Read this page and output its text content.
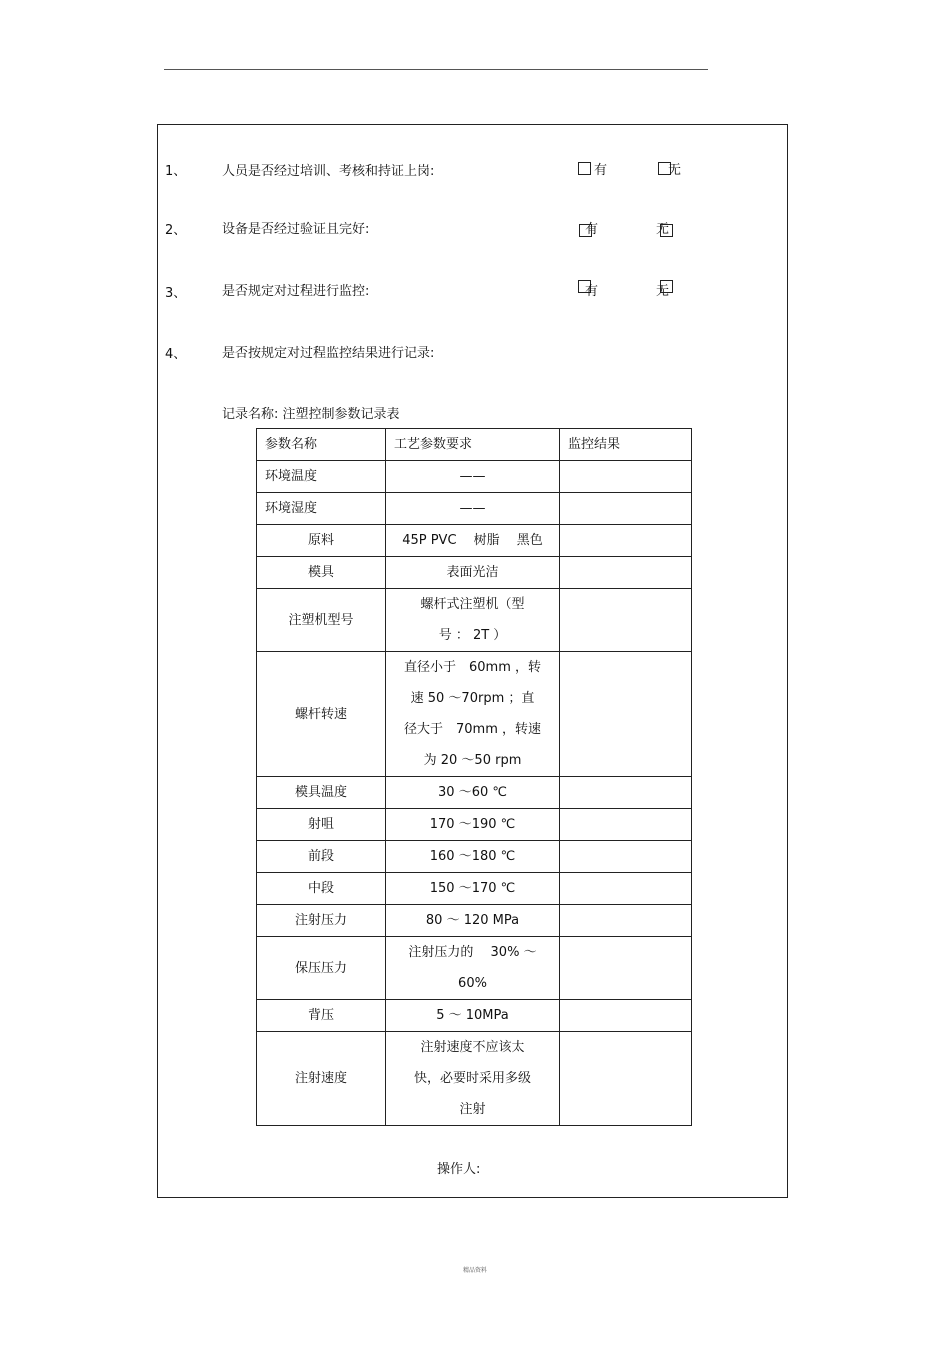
1、	人员是否经过培训、考核和持证上岗:	有	无
2、	设备是否经过验证且完好:	有	无
3、	是否规定对过程进行监控:	有	无
4、	是否按规定对过程监控结果进行记录:
记录名称: 注塑控制参数记录表
参数名称	工艺参数要求	监控结果
环境温度	——	

环境湿度	——	

原料	45P PVC　 树脂　 黑色	

模具	表面光洁	

注塑机型号	螺杆式注塑机（型
号 ： 2T ）	

螺杆转速	直径小于　60mm ，转
速 50 ～70rpm ；直
径大于　70mm ，转速
为 20 ～50 rpm	

模具温度	30 ～60 ℃	

射咀	170 ～190 ℃	

前段	160 ～180 ℃	

中段	150 ～170 ℃	

注射压力	80 ～ 120 MPa	

保压压力	注射压力的　 30% ～
60%	

背压	5 ～ 10MPa	

注射速度	注射速度不应该太
快，必要时采用多级
注射	

操作人:
精品资料
